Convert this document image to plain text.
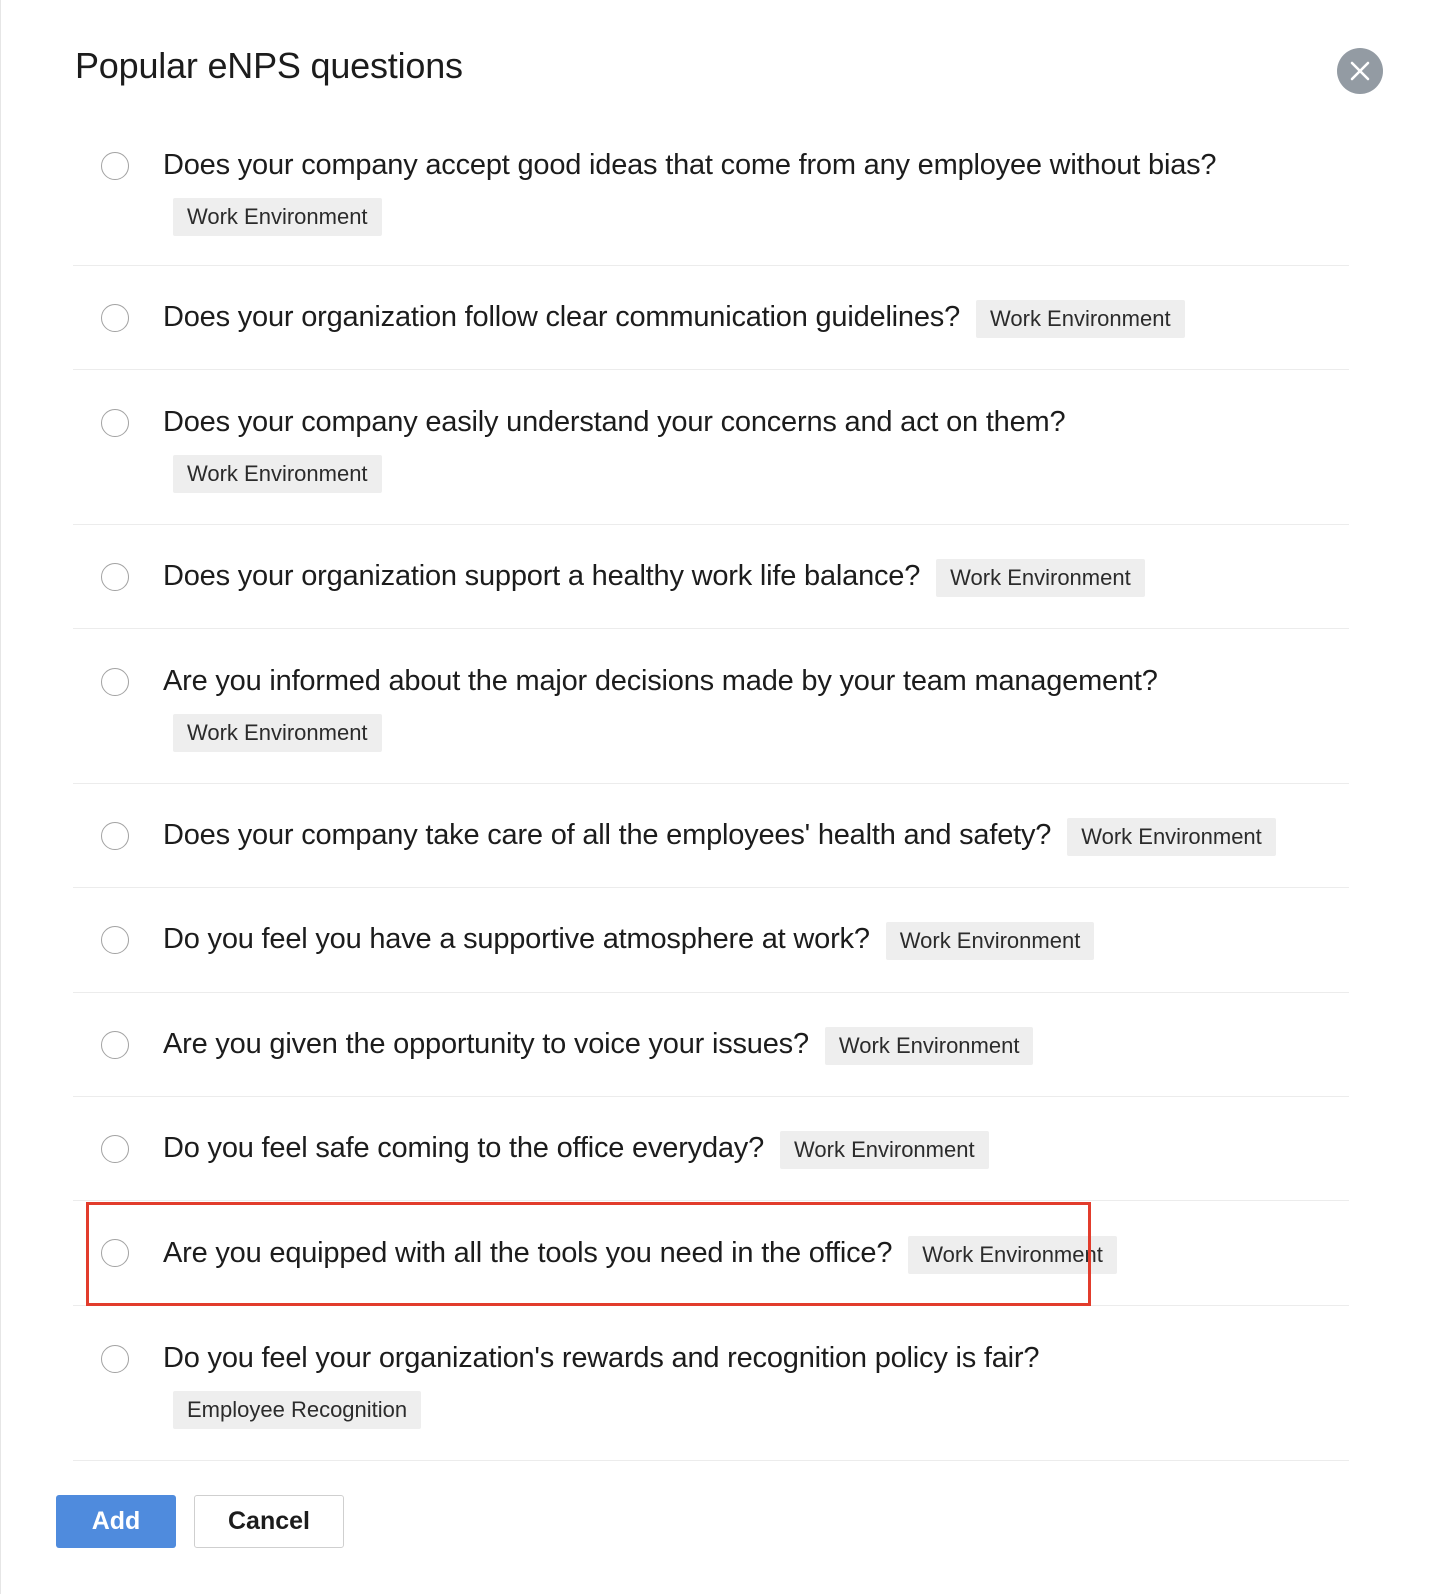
Popular eNPS questions
Does your company accept good ideas that come from any employee without bias?
Work Environment
Does your organization follow clear communication guidelines?	Work Environment
Does your company easily understand your concerns and act on them?
Work Environment
Does your organization support a healthy work life balance?	Work Environment
Are you informed about the major decisions made by your team management?
Work Environment
Does your company take care of all the employees' health and safety?	Work Environment
Do you feel you have a supportive atmosphere at work?	Work Environment
Are you given the opportunity to voice your issues?	Work Environment
Do you feel safe coming to the office everyday?	Work Environment
Are you equipped with all the tools you need in the office?	Work Environment
Do you feel your organization's rewards and recognition policy is fair?
Employee Recognition
Add	Cancel
